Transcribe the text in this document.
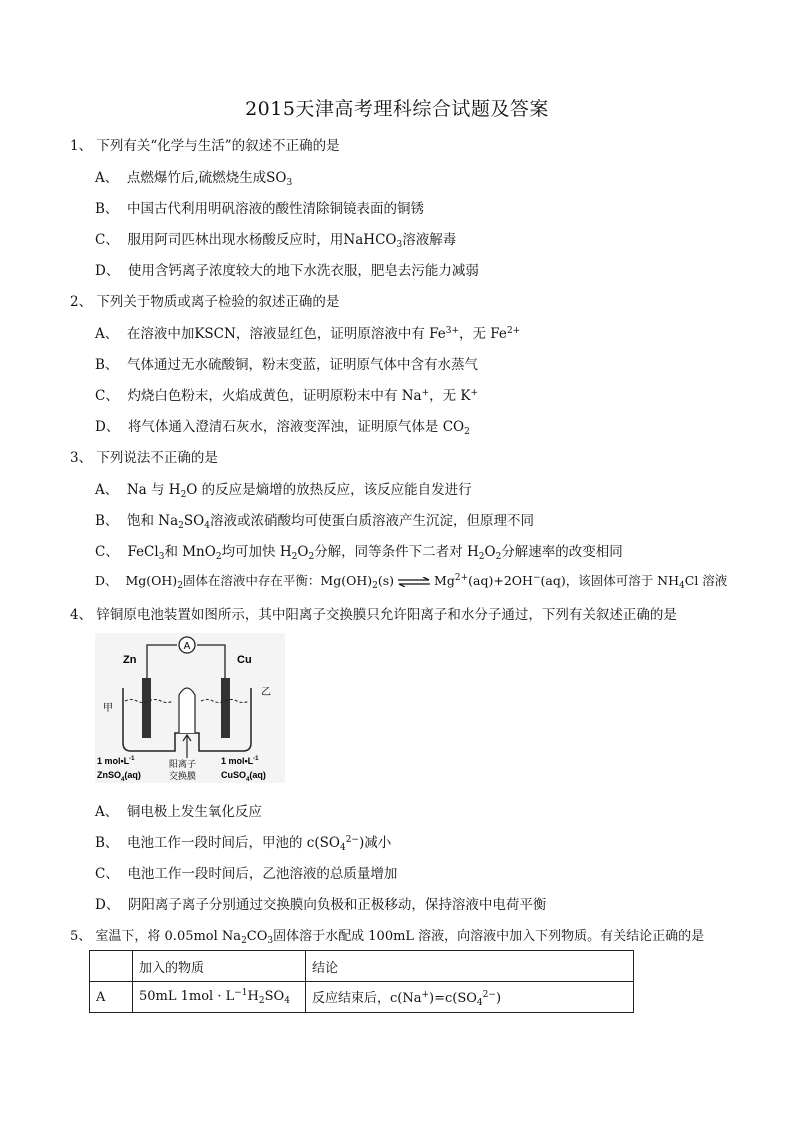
2015天津高考理科综合试题及答案
1、 下列有关“化学与生活”的叙述不正确的是
A、 点燃爆竹后,硫燃烧生成$SO_3$
B、 中国古代利用明矾溶液的酸性清除铜镜表面的铜锈
C、 服用阿司匹林出现水杨酸反应时，用NaHCO$_3$溶液解毒
D、 使用含钙离子浓度较大的地下水洗衣服，肥皂去污能力减弱
2、 下列关于物质或离子检验的叙述正确的是
A、 在溶液中加KSCN，溶液显红色，证明原溶液中有 $Fe^{3+}$，无 $Fe^{2+}$
B、 气体通过无水硫酸铜，粉末变蓝，证明原气体中含有水蒸气
C、 灼烧白色粉末，火焰成黄色，证明原粉末中有 Na+，无 K+
D、 将气体通入澄清石灰水，溶液变浑浊，证明原气体是 $CO_2$
3、 下列说法不正确的是
A、 Na 与 $H_2O$ 的反应是熵增的放热反应，该反应能自发进行
B、 饱和 $Na_2SO_4$溶液或浓硝酸均可使蛋白质溶液产生沉淀，但原理不同
C、 FeCl$_3$和 MnO$_2$均可加快 $H_2O_2$分解，同等条件下二者对 $H_2O_2$分解速率的改变相同
D、 $Mg(OH)_2$固体在溶液中存在平衡：$Mg(OH)_2(s)$ ⇌ $Mg^{2+}(aq)+2OH^-(aq)$，该固体可溶于 $NH_4Cl$ 溶液
4、 锌铜原电池装置如图所示，其中阳离子交换膜只允许阳离子和水分子通过，下列有关叙述正确的是
A
Zn	Cu
甲
乙
阳离子
交换膜
1 $mol•L^{-1}$
ZnSO$_4$(aq)
1 $mol•L^{-1}$
CuSO$_4$(aq)
A、 铜电极上发生氧化反应
B、 电池工作一段时间后，甲池的 $c(SO_4^{2-})$减小
C、 电池工作一段时间后，乙池溶液的总质量增加
D、 阴阳离子离子分别通过交换膜向负极和正极移动，保持溶液中电荷平衡
5、 室温下，将 0.05mol $Na_2CO_3$固体溶于水配成 100mL 溶液，向溶液中加入下列物质。有关结论正确的是
	加入的物质	结论
A	50mL $1mol \cdot L^{-1}H_2SO_4$	反应结束后，$c(Na^+)=c(SO_4^{2-})$
